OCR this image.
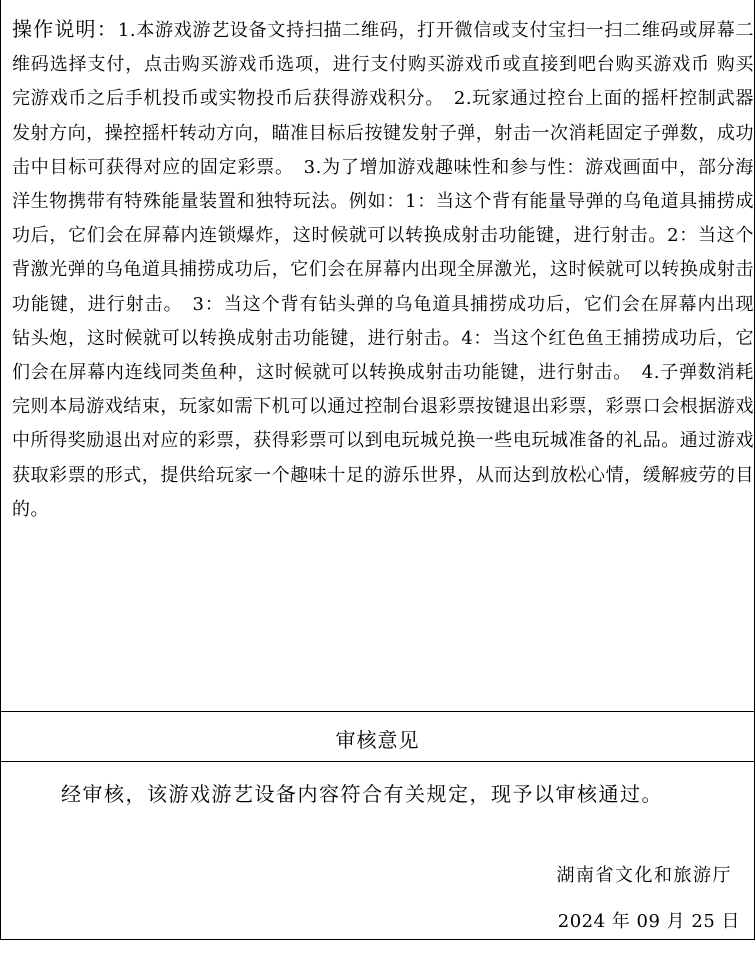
操作说明：1.本游戏游艺设备文持扫描二维码，打开微信或支付宝扫一扫二维码或屏幕二维码选择支付，点击购买游戏币选项，进行支付购买游戏币或直接到吧台购买游戏币 购买完游戏币之后手机投币或实物投币后获得游戏积分。　2.玩家通过控台上面的摇杆控制武器发射方向，操控摇杆转动方向，瞄准目标后按键发射子弹，射击一次消耗固定子弹数，成功击中目标可获得对应的固定彩票。　3.为了增加游戏趣味性和参与性：游戏画面中，部分海洋生物携带有特殊能量装置和独特玩法。例如：1：当这个背有能量导弹的乌龟道具捕捞成功后，它们会在屏幕内连锁爆炸，这时候就可以转换成射击功能键，进行射击。2：当这个背激光弹的乌龟道具捕捞成功后，它们会在屏幕内出现全屏激光，这时候就可以转换成射击功能键，进行射击。　3：当这个背有钻头弹的乌龟道具捕捞成功后，它们会在屏幕内出现钻头炮，这时候就可以转换成射击功能键，进行射击。4：当这个红色鱼王捕捞成功后，它们会在屏幕内连线同类鱼种，这时候就可以转换成射击功能键，进行射击。　4.子弹数消耗完则本局游戏结束，玩家如需下机可以通过控制台退彩票按键退出彩票，彩票口会根据游戏中所得奖励退出对应的彩票，获得彩票可以到电玩城兑换一些电玩城准备的礼品。通过游戏获取彩票的形式，提供给玩家一个趣味十足的游乐世界，从而达到放松心情，缓解疲劳的目的。
审核意见
经审核，该游戏游艺设备内容符合有关规定，现予以审核通过。
湖南省文化和旅游厅
2024 年 09 月 25 日
